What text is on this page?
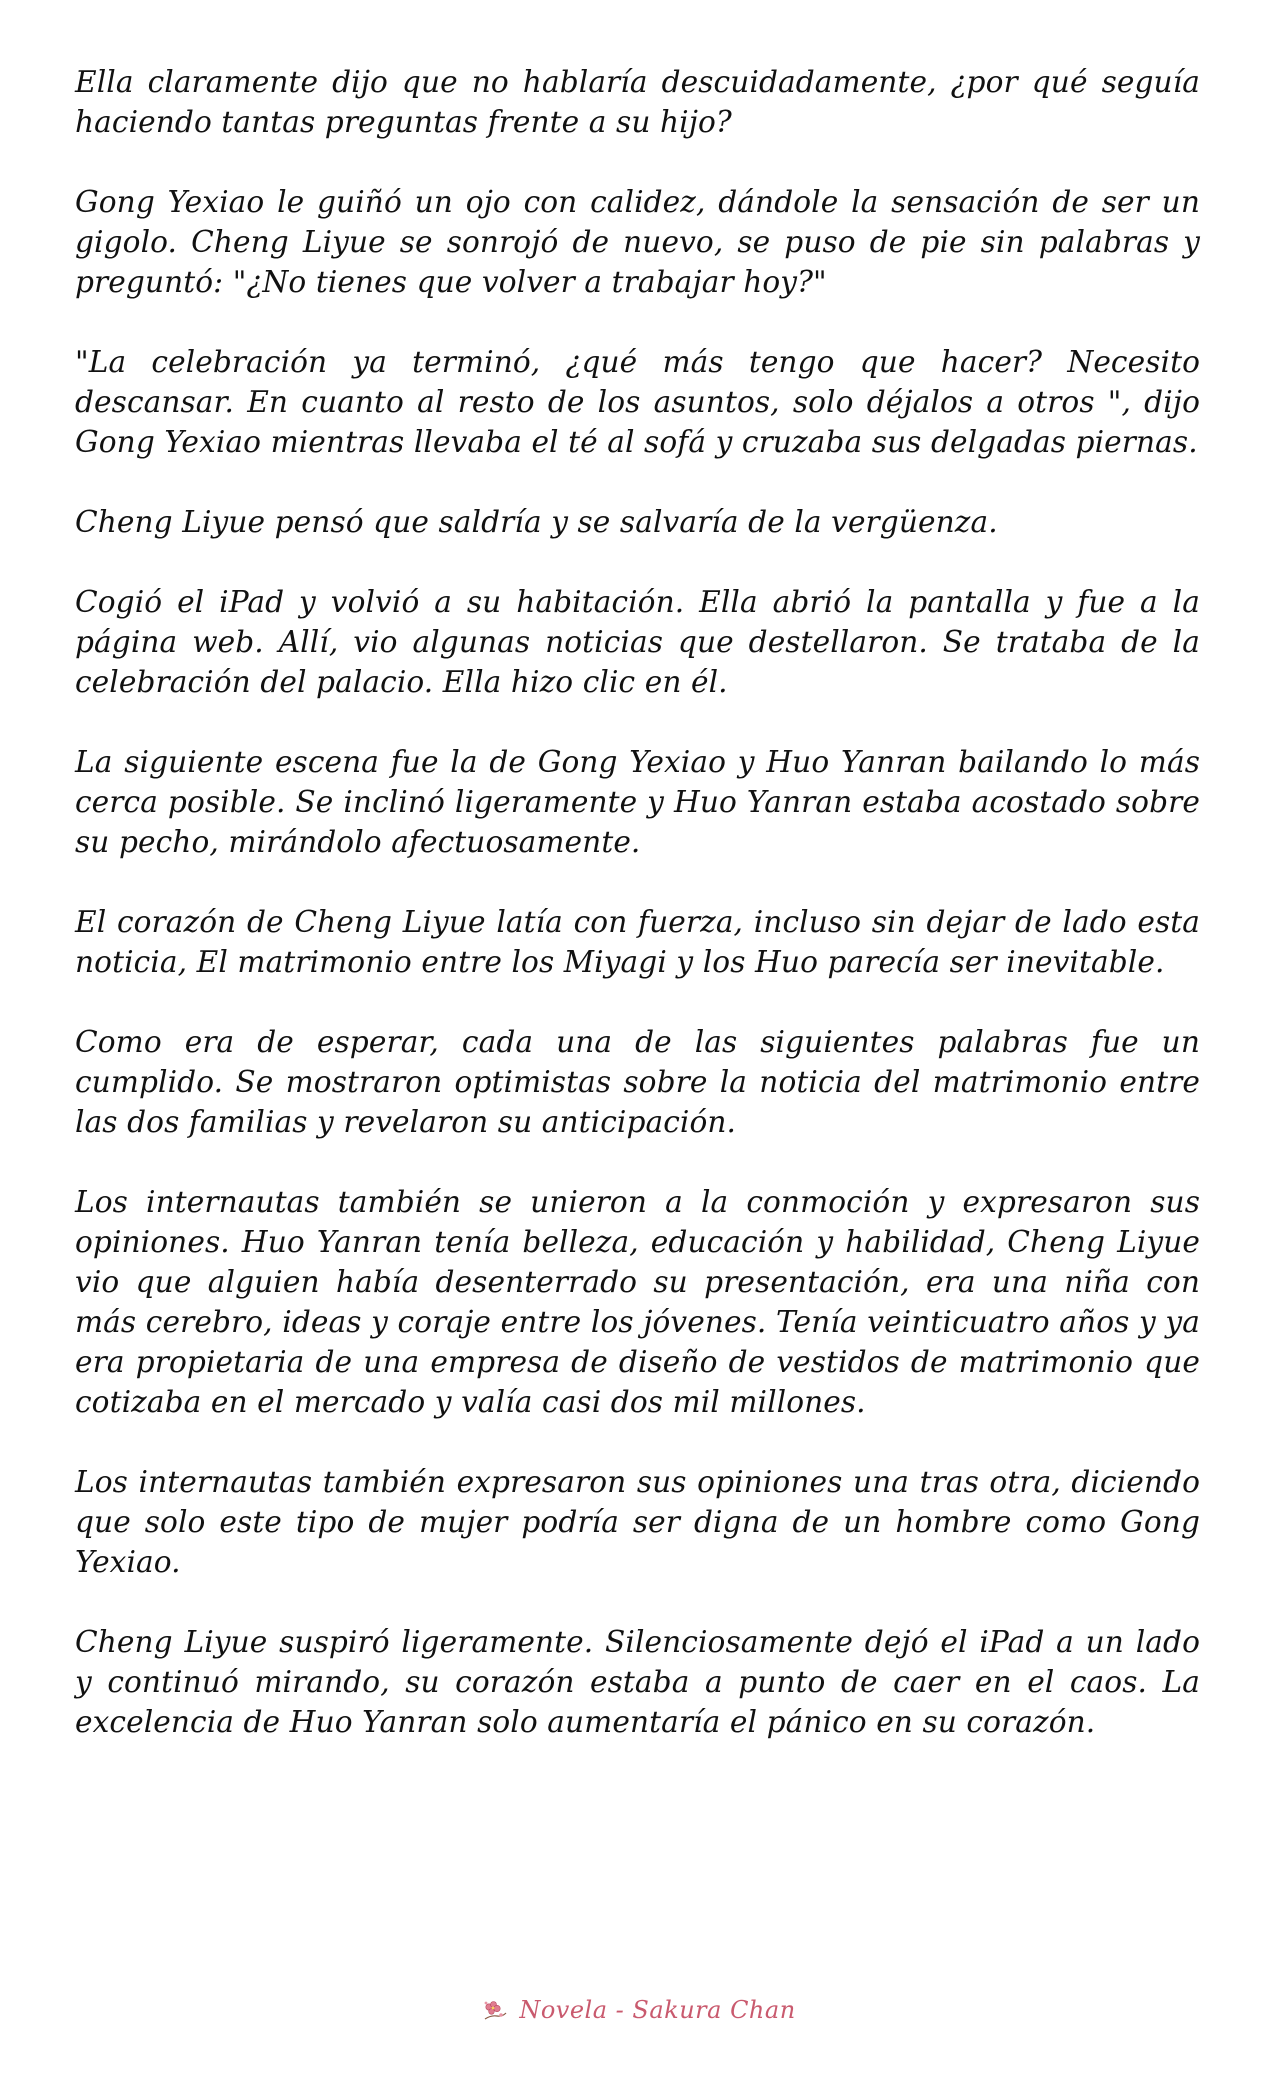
Ella claramente dijo que no hablaría descuidadamente, ¿por qué seguía haciendo tantas preguntas frente a su hijo?

Gong Yexiao le guiñó un ojo con calidez, dándole la sensación de ser un gigolo. Cheng Liyue se sonrojó de nuevo, se puso de pie sin palabras y preguntó: "¿No tienes que volver a trabajar hoy?"

"La celebración ya terminó, ¿qué más tengo que hacer? Necesito descansar. En cuanto al resto de los asuntos, solo déjalos a otros ", dijo Gong Yexiao mientras llevaba el té al sofá y cruzaba sus delgadas piernas.

Cheng Liyue pensó que saldría y se salvaría de la vergüenza.

Cogió el iPad y volvió a su habitación. Ella abrió la pantalla y fue a la página web. Allí, vio algunas noticias que destellaron. Se trataba de la celebración del palacio. Ella hizo clic en él.

La siguiente escena fue la de Gong Yexiao y Huo Yanran bailando lo más cerca posible. Se inclinó ligeramente y Huo Yanran estaba acostado sobre su pecho, mirándolo afectuosamente.

El corazón de Cheng Liyue latía con fuerza, incluso sin dejar de lado esta noticia, El matrimonio entre los Miyagi y los Huo parecía ser inevitable.

Como era de esperar, cada una de las siguientes palabras fue un cumplido. Se mostraron optimistas sobre la noticia del matrimonio entre las dos familias y revelaron su anticipación.

Los internautas también se unieron a la conmoción y expresaron sus opiniones. Huo Yanran tenía belleza, educación y habilidad, Cheng Liyue vio que alguien había desenterrado su presentación, era una niña con más cerebro, ideas y coraje entre los jóvenes. Tenía veinticuatro años y ya era propietaria de una empresa de diseño de vestidos de matrimonio que cotizaba en el mercado y valía casi dos mil millones.

Los internautas también expresaron sus opiniones una tras otra, diciendo que solo este tipo de mujer podría ser digna de un hombre como Gong Yexiao.

Cheng Liyue suspiró ligeramente. Silenciosamente dejó el iPad a un lado y continuó mirando, su corazón estaba a punto de caer en el caos. La excelencia de Huo Yanran solo aumentaría el pánico en su corazón.

Novela - Sakura Chan
